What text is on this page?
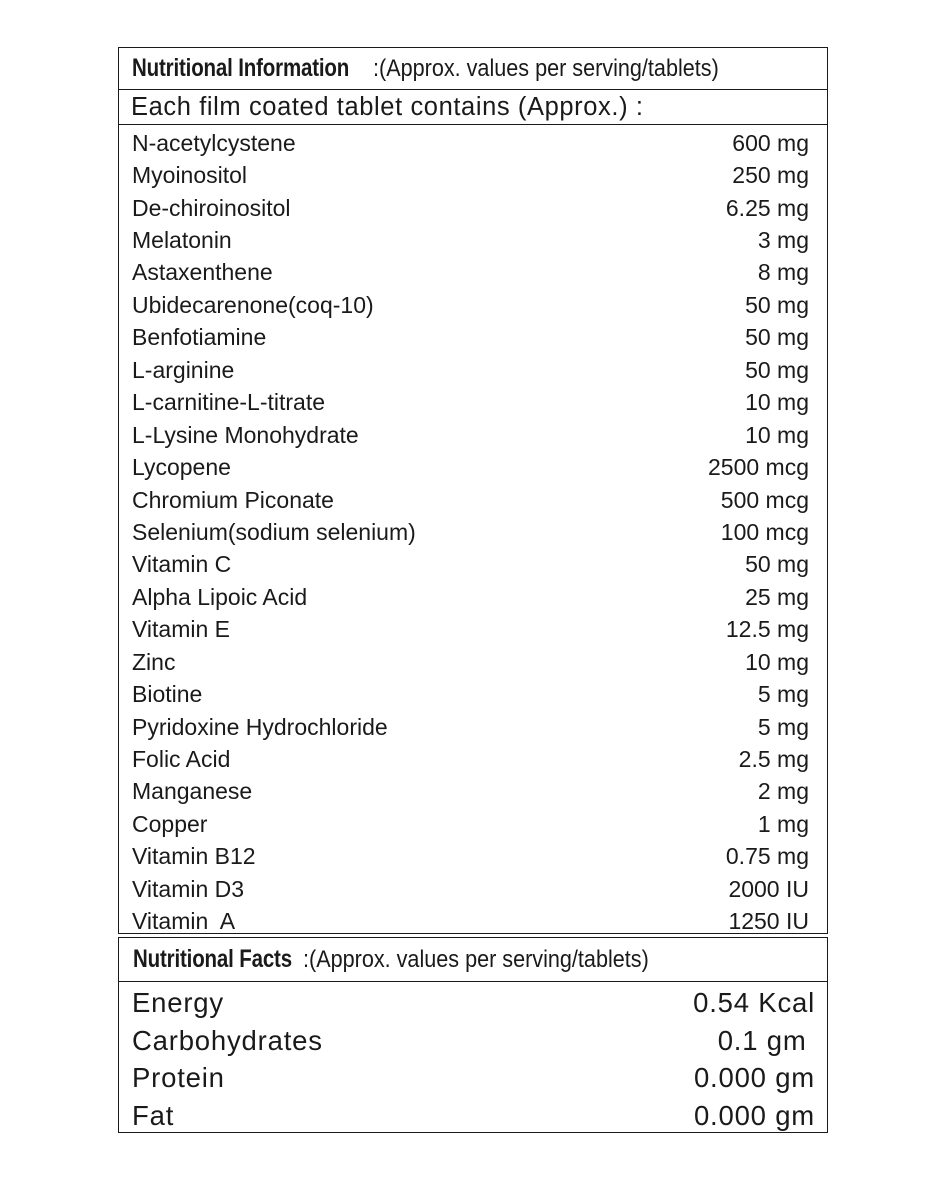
Nutritional Information :(Approx. values per serving/tablets)
Each film coated tablet contains (Approx.) :
N-acetylcystene	600 mg
Myoinositol	250 mg
De-chiroinositol	6.25 mg
Melatonin	3 mg
Astaxenthene	8 mg
Ubidecarenone(coq-10)	50 mg
Benfotiamine	50 mg
L-arginine	50 mg
L-carnitine-L-titrate	10 mg
L-Lysine Monohydrate	10 mg
Lycopene	2500 mcg
Chromium Piconate	500 mcg
Selenium(sodium selenium)	100 mcg
Vitamin C	50 mg
Alpha Lipoic Acid	25 mg
Vitamin E	12.5 mg
Zinc	10 mg
Biotine	5 mg
Pyridoxine Hydrochloride	5 mg
Folic Acid	2.5 mg
Manganese	2 mg
Copper	1 mg
Vitamin B12	0.75 mg
Vitamin D3	2000 IU
Vitamin  A	1250 IU
Nutritional Facts :(Approx. values per serving/tablets)
Energy	0.54 Kcal
Carbohydrates	0.1 gm
Protein	0.000 gm
Fat	0.000 gm
